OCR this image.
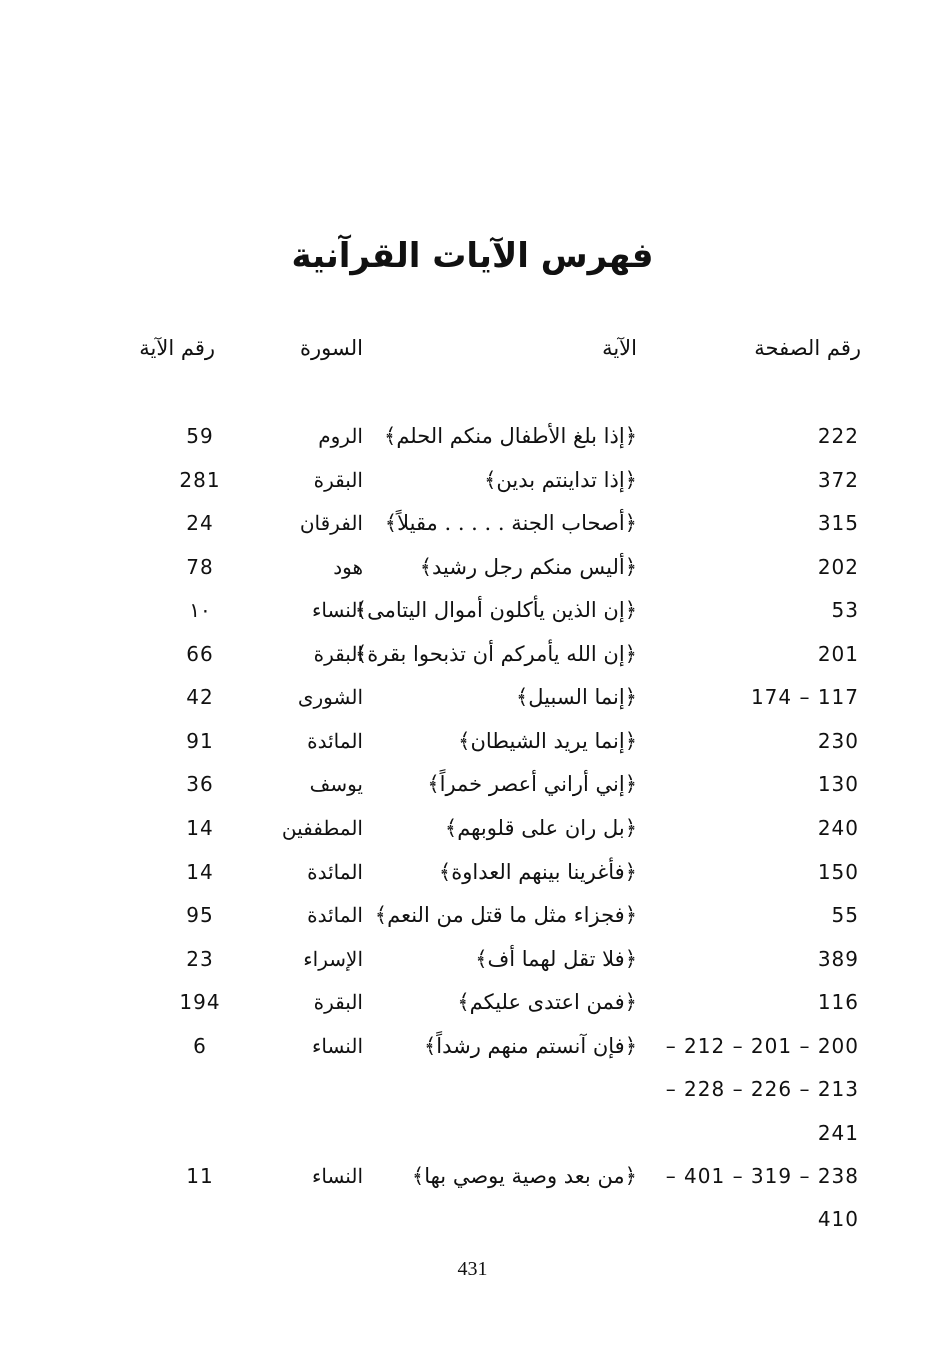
فهرس الآيات القرآنية
رقم الصفحة
الآية
السورة
رقم الآية
222
﴿إذا بلغ الأطفال منكم الحلم﴾
الروم
59
372
﴿إذا تداينتم بدين﴾
البقرة
281
315
﴿أصحاب الجنة . . . . . مقيلاً﴾
الفرقان
24
202
﴿أليس منكم رجل رشيد﴾
هود
78
53
﴿إن الذين يأكلون أموال اليتامى﴾
النساء
١٠
201
﴿إن الله يأمركم أن تذبحوا بقرة﴾
البقرة
66
174 – 117
﴿إنما السبيل﴾
الشورى
42
230
﴿إنما يريد الشيطان﴾
المائدة
91
130
﴿إني أراني أعصر خمراً﴾
يوسف
36
240
﴿بل ران على قلوبهم﴾
المطففين
14
150
﴿فأغرينا بينهم العداوة﴾
المائدة
14
55
﴿فجزاء مثل ما قتل من النعم﴾
المائدة
95
389
﴿فلا تقل لهما أف﴾
الإسراء
23
116
﴿فمن اعتدى عليكم﴾
البقرة
194
– 212 – 201 – 200
﴿فإن آنستم منهم رشداً﴾
النساء
6
– 228 – 226 – 213
241
– 401 – 319 – 238
﴿من بعد وصية يوصي بها﴾
النساء
11
410
431
